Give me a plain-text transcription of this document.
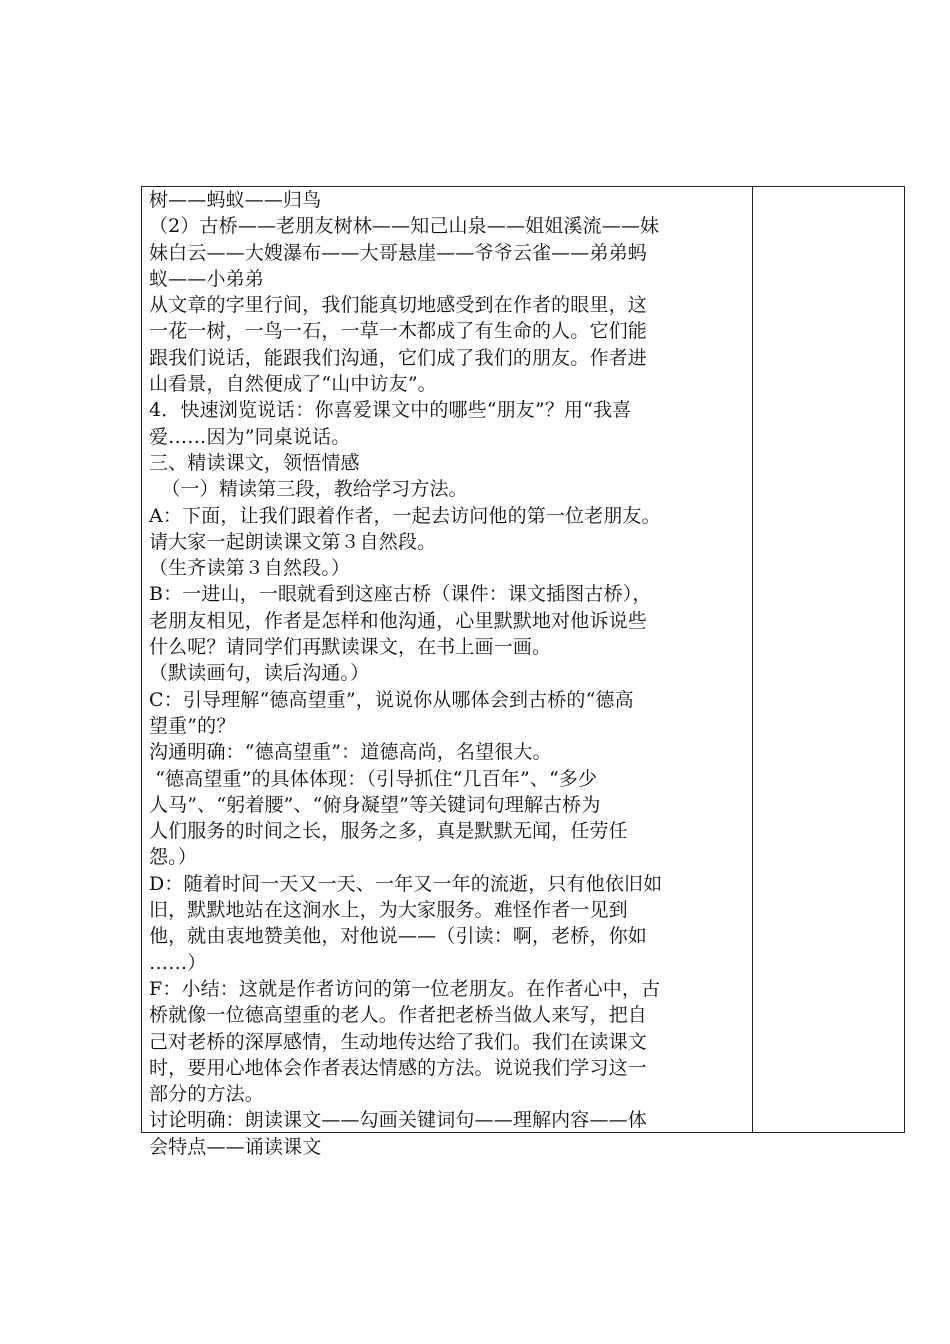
树——蚂蚁——归鸟

（2）古桥——老朋友树林——知己山泉——姐姐溪流——妹

妹白云——大嫂瀑布——大哥悬崖——爷爷云雀——弟弟蚂

蚁——小弟弟

从文章的字里行间，我们能真切地感受到在作者的眼里，这

一花一树，一鸟一石，一草一木都成了有生命的人。它们能

跟我们说话，能跟我们沟通，它们成了我们的朋友。作者进

山看景，自然便成了“山中访友”。

4．快速浏览说话：你喜爱课文中的哪些“朋友”？用“我喜

爱……因为”同桌说话。

三、精读课文，领悟情感

（一）精读第三段，教给学习方法。

A：下面，让我们跟着作者，一起去访问他的第一位老朋友。

请大家一起朗读课文第３自然段。

（生齐读第３自然段。）

B：一进山，一眼就看到这座古桥（课件：课文插图古桥），

老朋友相见，作者是怎样和他沟通，心里默默地对他诉说些

什么呢？请同学们再默读课文，在书上画一画。

（默读画句，读后沟通。）

C：引导理解“德高望重”，说说你从哪体会到古桥的“德高

望重”的？

沟通明确：“德高望重”：道德高尚，名望很大。

“德高望重”的具体体现：（引导抓住“几百年”、“多少

人马”、“躬着腰”、“俯身凝望”等关键词句理解古桥为

人们服务的时间之长，服务之多，真是默默无闻，任劳任

怨。）

D：随着时间一天又一天、一年又一年的流逝，只有他依旧如

旧，默默地站在这涧水上，为大家服务。难怪作者一见到

他，就由衷地赞美他，对他说——（引读：啊，老桥，你如

……）

F：小结：这就是作者访问的第一位老朋友。在作者心中，古

桥就像一位德高望重的老人。作者把老桥当做人来写，把自

己对老桥的深厚感情，生动地传达给了我们。我们在读课文

时，要用心地体会作者表达情感的方法。说说我们学习这一

部分的方法。

讨论明确：朗读课文——勾画关键词句——理解内容——体

会特点——诵读课文
